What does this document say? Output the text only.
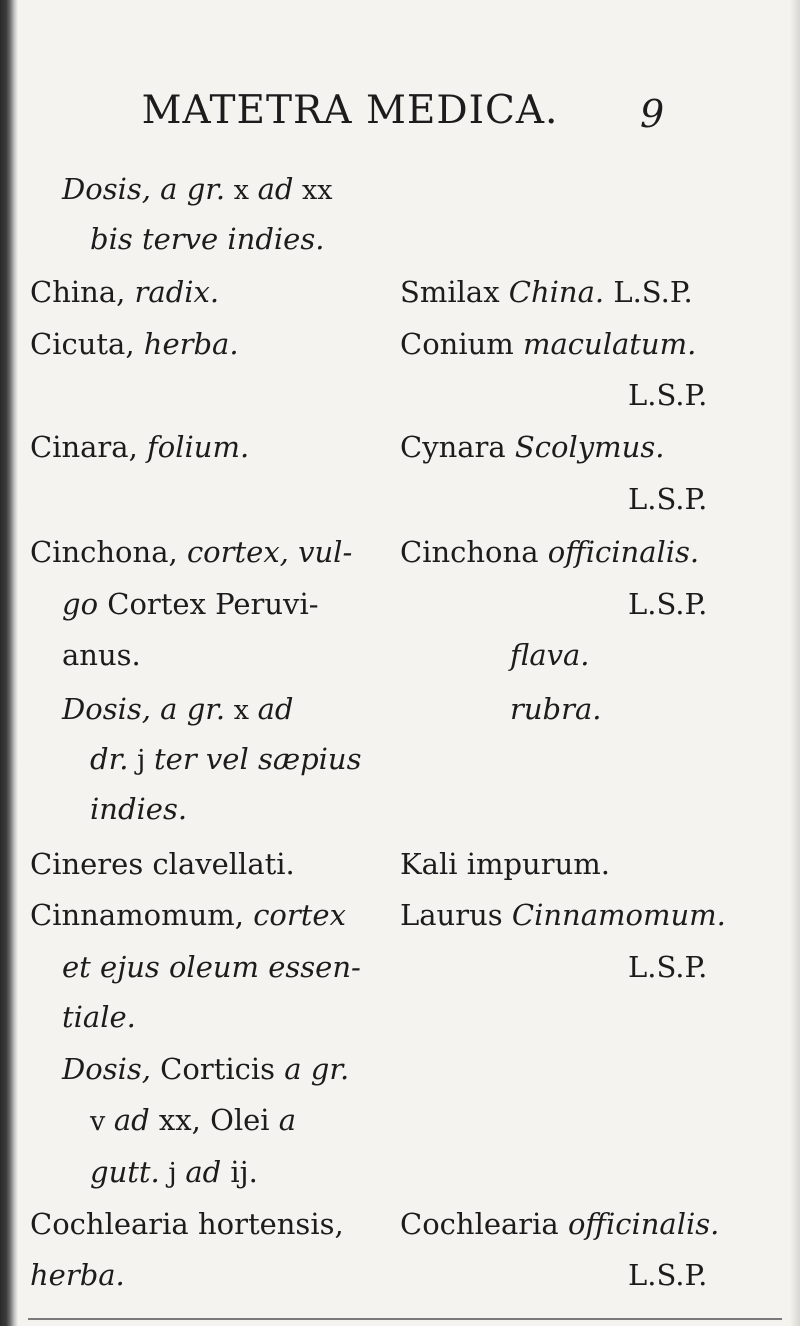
MATETRA MEDICA.	9
Dosis, a gr. x ad xx
bis terve indies.
China, radix.
Cicuta, herba.
Cinara, folium.
Cinchona, cortex, vul-
go Cortex Peruvi-
anus.
Dosis, a gr. x ad
dr. j ter vel sæpius
indies.
Cineres clavellati.
Cinnamomum, cortex
et ejus oleum essen-
tiale.
Dosis, Corticis a gr.
v ad xx, Olei a
gutt. j ad ij.
Cochlearia hortensis,
herba.
Smilax China. L.S.P.
Conium maculatum.
L.S.P.
Cynara Scolymus.
L.S.P.
Cinchona officinalis.
L.S.P.
flava.
rubra.
Kali impurum.
Laurus Cinnamomum.
L.S.P.
Cochlearia officinalis.
L.S.P.
